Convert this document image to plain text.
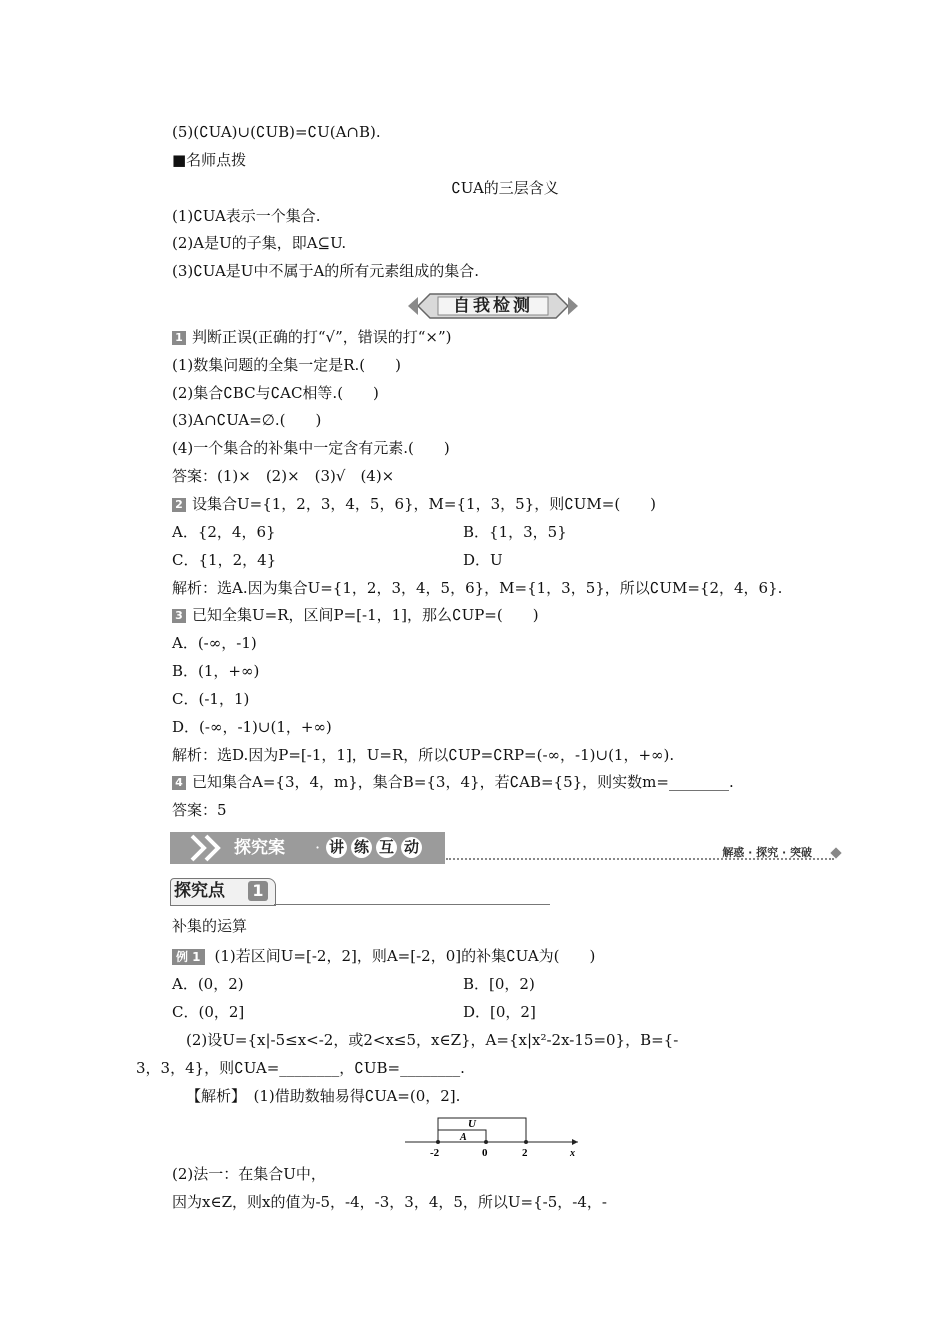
(5)(∁UA)∪(∁UB)=∁U(A∩B).
■名师点拨
∁UA的三层含义
(1)∁UA表示一个集合.
(2)A是U的子集，即A⊆U.
(3)∁UA是U中不属于A的所有元素组成的集合.
自我检测
1 判断正误(正确的打“√”，错误的打“×”)
(1)数集问题的全集一定是R.(　　)
(2)集合∁BC与∁AC相等.(　　)
(3)A∩∁UA=∅.(　　)
(4)一个集合的补集中一定含有元素.(　　)
答案：(1)×　(2)×　(3)√　(4)×
2 设集合U={1，2，3，4，5，6}，M={1，3，5}，则∁UM=(　　)
A．{2，4，6}	B．{1，3，5}
C．{1，2，4}	D．U
解析：选A.因为集合U={1，2，3，4，5，6}，M={1，3，5}，所以∁UM={2，4，6}.
3 已知全集U=R，区间P=[-1，1]，那么∁UP=(　　)
A．(-∞，-1)
B．(1，+∞)
C．(-1，1)
D．(-∞，-1)∪(1，+∞)
解析：选D.因为P=[-1，1]，U=R，所以∁UP=∁RP=(-∞，-1)∪(1，+∞).
4 已知集合A={3，4，m}，集合B={3，4}，若∁AB={5}，则实数m=________.
答案：5
探究案 · 讲 练 互 动	解惑 · 探究 · 突破
探究点 1
补集的运算
例 1 (1)若区间U=[-2，2]，则A=[-2，0]的补集∁UA为(　　)
A．(0，2)	B．[0，2)
C．(0，2]	D．[0，2]
(2)设U={x|-5≤x<-2，或2<x≤5，x∈Z}，A={x|x²-2x-15=0}，B={-
3，3，4}，则∁UA=________，∁UB=________.
【解析】　(1)借助数轴易得∁UA=(0，2].
U
A
-2	0	2	x
(2)法一：在集合U中，
因为x∈Z，则x的值为-5，-4，-3，3，4，5，所以U={-5，-4，-
